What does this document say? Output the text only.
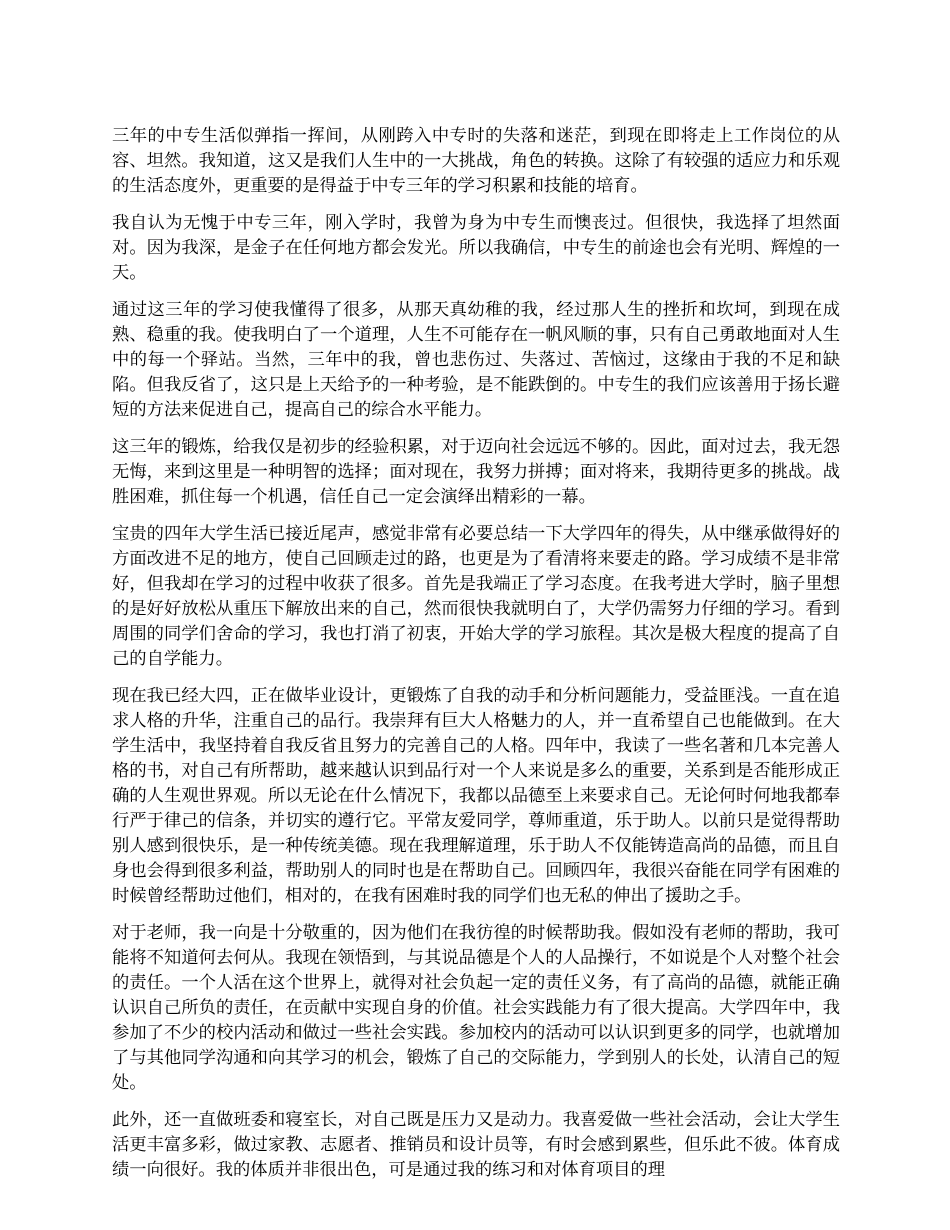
三年的中专生活似弹指一挥间，从刚跨入中专时的失落和迷茫，到现在即将走上工作岗位的从容、坦然。我知道，这又是我们人生中的一大挑战，角色的转换。这除了有较强的适应力和乐观的生活态度外，更重要的是得益于中专三年的学习积累和技能的培育。

我自认为无愧于中专三年，刚入学时，我曾为身为中专生而懊丧过。但很快，我选择了坦然面对。因为我深，是金子在任何地方都会发光。所以我确信，中专生的前途也会有光明、辉煌的一天。

通过这三年的学习使我懂得了很多，从那天真幼稚的我，经过那人生的挫折和坎坷，到现在成熟、稳重的我。使我明白了一个道理，人生不可能存在一帆风顺的事，只有自己勇敢地面对人生中的每一个驿站。当然，三年中的我，曾也悲伤过、失落过、苦恼过，这缘由于我的不足和缺陷。但我反省了，这只是上天给予的一种考验，是不能跌倒的。中专生的我们应该善用于扬长避短的方法来促进自己，提高自己的综合水平能力。

这三年的锻炼，给我仅是初步的经验积累，对于迈向社会远远不够的。因此，面对过去，我无怨无悔，来到这里是一种明智的选择；面对现在，我努力拼搏；面对将来，我期待更多的挑战。战胜困难，抓住每一个机遇，信任自己一定会演绎出精彩的一幕。

宝贵的四年大学生活已接近尾声，感觉非常有必要总结一下大学四年的得失，从中继承做得好的方面改进不足的地方，使自己回顾走过的路，也更是为了看清将来要走的路。学习成绩不是非常好，但我却在学习的过程中收获了很多。首先是我端正了学习态度。在我考进大学时，脑子里想的是好好放松从重压下解放出来的自己，然而很快我就明白了，大学仍需努力仔细的学习。看到周围的同学们舍命的学习，我也打消了初衷，开始大学的学习旅程。其次是极大程度的提高了自己的自学能力。

现在我已经大四，正在做毕业设计，更锻炼了自我的动手和分析问题能力，受益匪浅。一直在追求人格的升华，注重自己的品行。我崇拜有巨大人格魅力的人，并一直希望自己也能做到。在大学生活中，我坚持着自我反省且努力的完善自己的人格。四年中，我读了一些名著和几本完善人格的书，对自己有所帮助，越来越认识到品行对一个人来说是多么的重要，关系到是否能形成正确的人生观世界观。所以无论在什么情况下，我都以品德至上来要求自己。无论何时何地我都奉行严于律己的信条，并切实的遵行它。平常友爱同学，尊师重道，乐于助人。以前只是觉得帮助别人感到很快乐，是一种传统美德。现在我理解道理，乐于助人不仅能铸造高尚的品德，而且自身也会得到很多利益，帮助别人的同时也是在帮助自己。回顾四年，我很兴奋能在同学有困难的时候曾经帮助过他们，相对的，在我有困难时我的同学们也无私的伸出了援助之手。

对于老师，我一向是十分敬重的，因为他们在我彷徨的时候帮助我。假如没有老师的帮助，我可能将不知道何去何从。我现在领悟到，与其说品德是个人的人品操行，不如说是个人对整个社会的责任。一个人活在这个世界上，就得对社会负起一定的责任义务，有了高尚的品德，就能正确认识自己所负的责任，在贡献中实现自身的价值。社会实践能力有了很大提高。大学四年中，我参加了不少的校内活动和做过一些社会实践。参加校内的活动可以认识到更多的同学，也就增加了与其他同学沟通和向其学习的机会，锻炼了自己的交际能力，学到别人的长处，认清自己的短处。

此外，还一直做班委和寝室长，对自己既是压力又是动力。我喜爱做一些社会活动，会让大学生活更丰富多彩，做过家教、志愿者、推销员和设计员等，有时会感到累些，但乐此不彼。体育成绩一向很好。我的体质并非很出色，可是通过我的练习和对体育项目的理
